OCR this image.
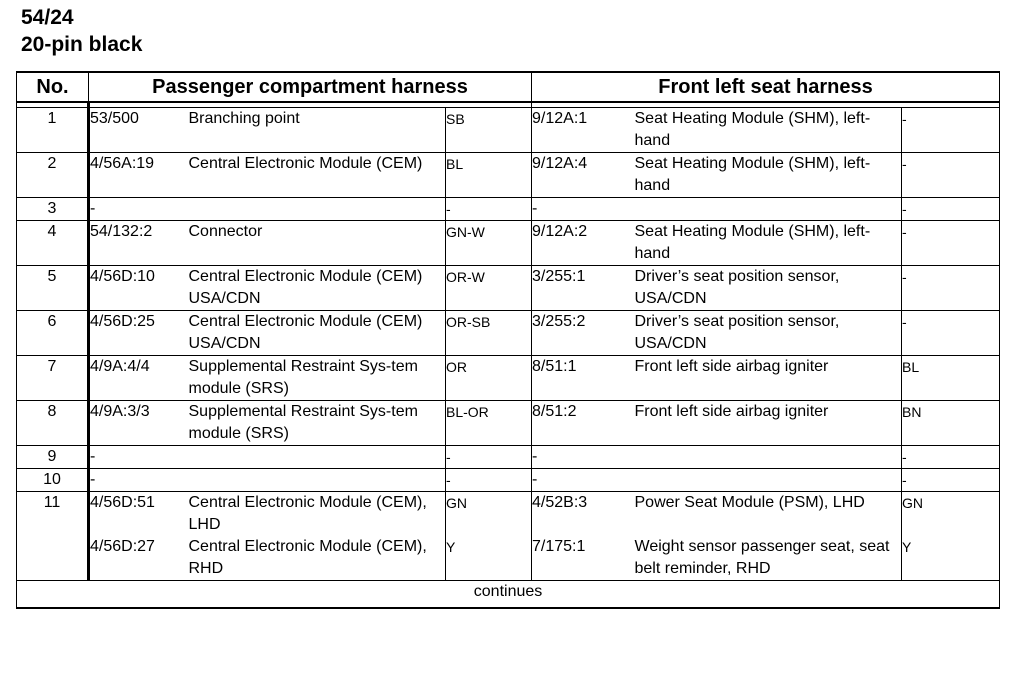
54/24
20-pin black
No.	Passenger compartment harness			Front left seat harness		

1	53/500	Branching point	SB	9/12A:1	Seat Heating Module (SHM), left-hand	-
2	4/56A:19	Central Electronic Module (CEM)	BL	9/12A:4	Seat Heating Module (SHM), left-hand	-
3	-		-	-		-
4	54/132:2	Connector	GN-W	9/12A:2	Seat Heating Module (SHM), left-hand	-
5	4/56D:10	Central Electronic Module (CEM) USA/CDN	OR-W	3/255:1	Driver’s seat position sensor, USA/CDN	-
6	4/56D:25	Central Electronic Module (CEM) USA/CDN	OR-SB	3/255:2	Driver’s seat position sensor, USA/CDN	-
7	4/9A:4/4	Supplemental Restraint Sys-tem module (SRS)	OR	8/51:1	Front left side airbag igniter	BL
8	4/9A:3/3	Supplemental Restraint Sys-tem module (SRS)	BL-OR	8/51:2	Front left side airbag igniter	BN
9	-		-	-		-
10	-		-	-		-
11	4/56D:51	Central Electronic Module (CEM), LHD	GN	4/52B:3	Power Seat Module (PSM), LHD	GN
	4/56D:27	Central Electronic Module (CEM), RHD	Y	7/175:1	Weight sensor passenger seat, seat belt reminder, RHD	Y
continues						
